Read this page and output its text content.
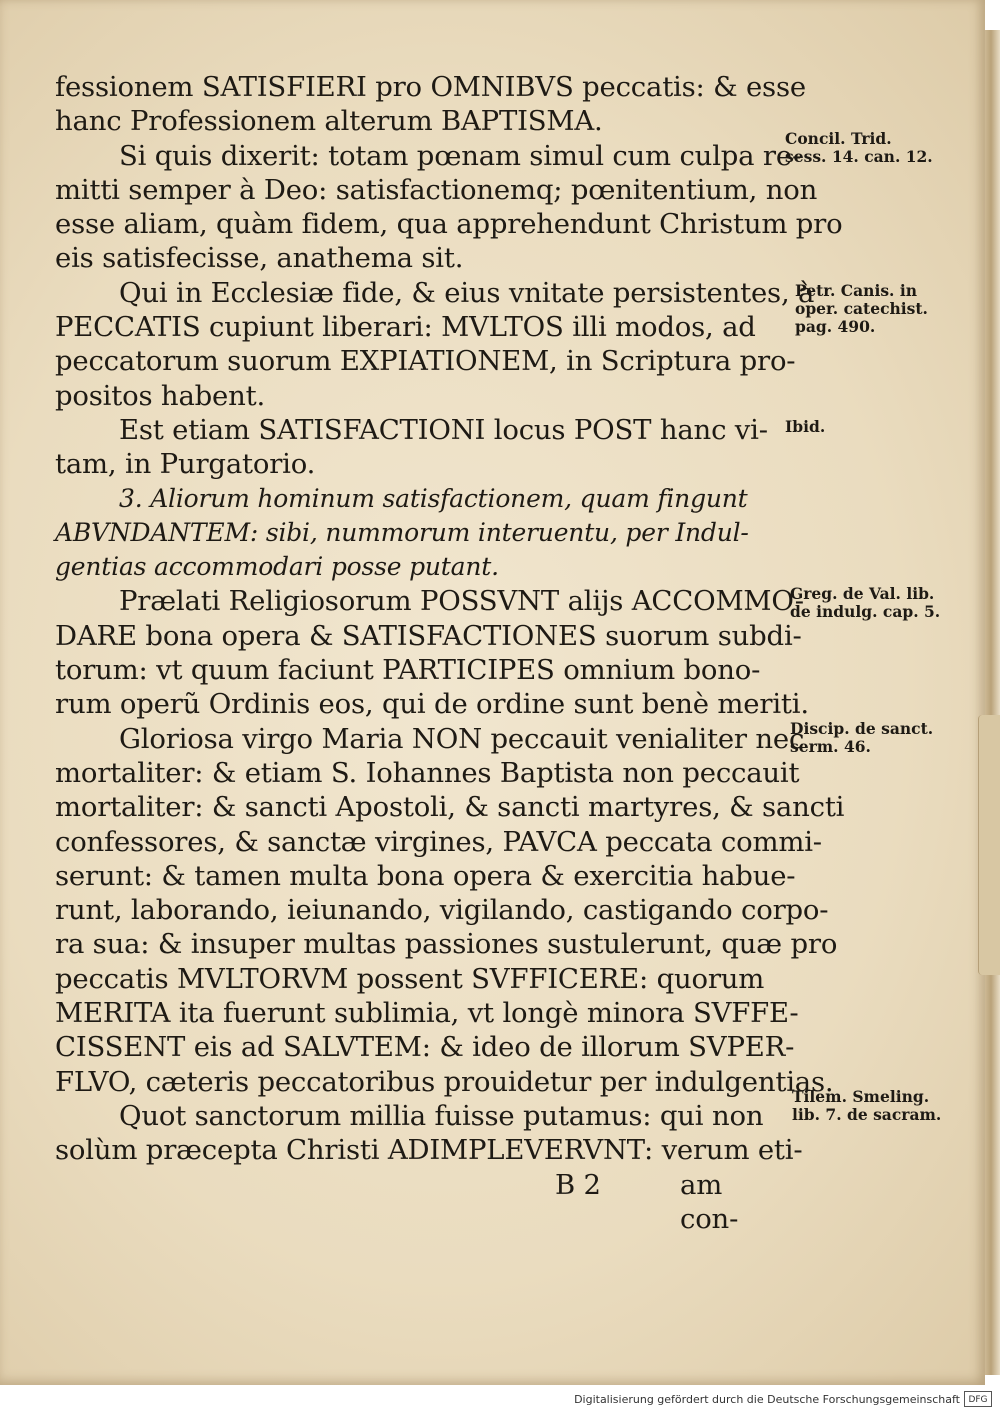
fessionem SATISFIERI pro OMNIBVS peccatis: & esse
hanc Professionem alterum BAPTISMA.
Si quis dixerit: totam pœnam simul cum culpa re-
mitti semper à Deo: satisfactionemq; pœnitentium, non
esse aliam, quàm fidem, qua apprehendunt Christum pro
eis satisfecisse, anathema sit.
Qui in Ecclesiæ fide, & eius vnitate persistentes, à
PECCATIS cupiunt liberari: MVLTOS illi modos, ad
peccatorum suorum EXPIATIONEM, in Scriptura pro-
positos habent.
Est etiam SATISFACTIONI locus POST hanc vi-
tam, in Purgatorio.
3. Aliorum hominum satisfactionem, quam fingunt
ABVNDANTEM: sibi, nummorum interuentu, per Indul-
gentias accommodari posse putant.
Prælati Religiosorum POSSVNT alijs ACCOMMO-
DARE bona opera & SATISFACTIONES suorum subdi-
torum: vt quum faciunt PARTICIPES omnium bono-
rum operũ Ordinis eos, qui de ordine sunt benè meriti.
Gloriosa virgo Maria NON peccauit venialiter nec
mortaliter: & etiam S. Iohannes Baptista non peccauit
mortaliter: & sancti Apostoli, & sancti martyres, & sancti
confessores, & sanctæ virgines, PAVCA peccata commi-
serunt: & tamen multa bona opera & exercitia habue-
runt, laborando, ieiunando, vigilando, castigando corpo-
ra sua: & insuper multas passiones sustulerunt, quæ pro
peccatis MVLTORVM possent SVFFICERE: quorum
MERITA ita fuerunt sublimia, vt longè minora SVFFE-
CISSENT eis ad SALVTEM: & ideo de illorum SVPER-
FLVO, cæteris peccatoribus prouidetur per indulgentias.
Quot sanctorum millia fuisse putamus: qui non
solùm præcepta Christi ADIMPLEVERVNT: verum eti-
B 2	am con-
Concil. Trid.
sess. 14. can. 12.
Petr. Canis. in
oper. catechist.
pag. 490.
Ibid.
Greg. de Val. lib.
de indulg. cap. 5.
Discip. de sanct.
serm. 46.
Tilem. Smeling.
lib. 7. de sacram.
Digitalisierung gefördert durch die Deutsche Forschungsgemeinschaft DFG
